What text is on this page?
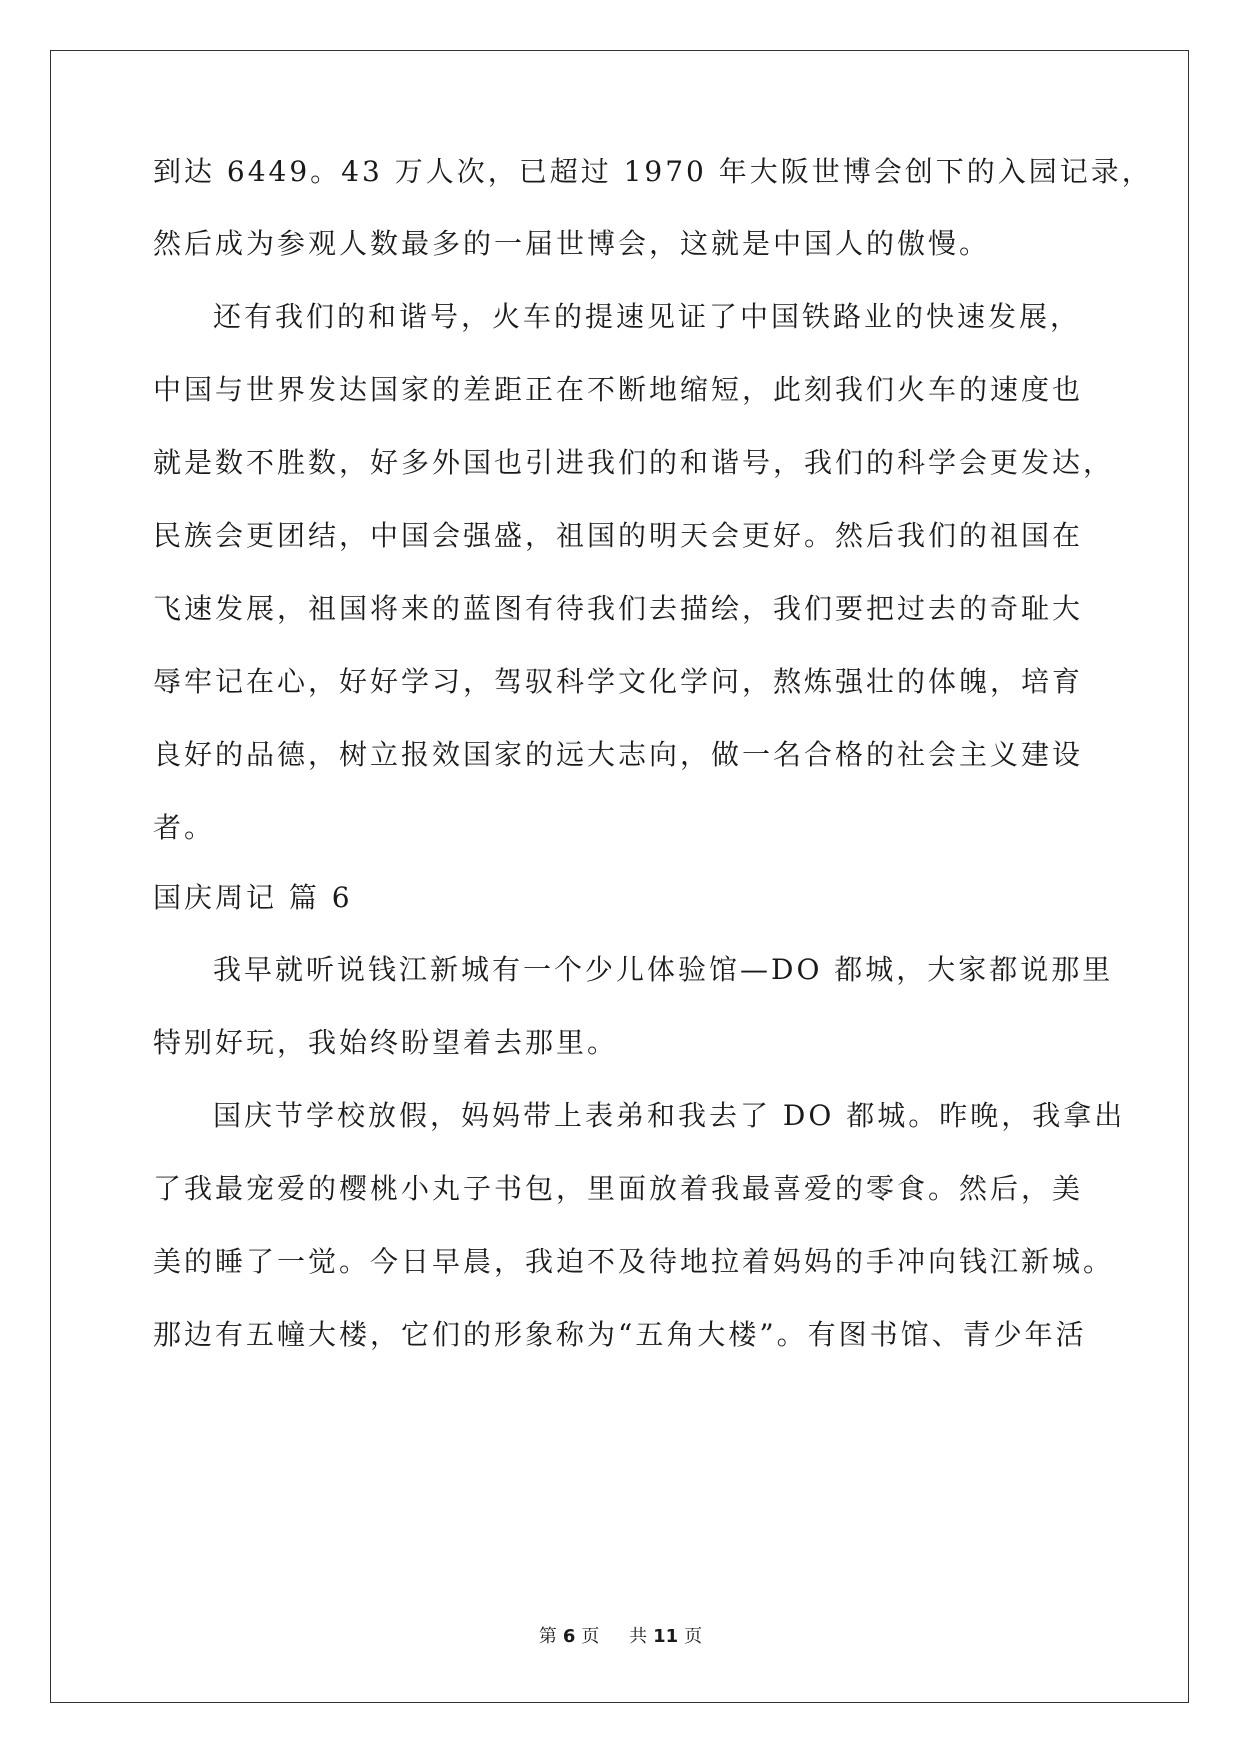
到达 6449。43 万人次，已超过 1970 年大阪世博会创下的入园记录，
然后成为参观人数最多的一届世博会，这就是中国人的傲慢。
还有我们的和谐号，火车的提速见证了中国铁路业的快速发展，
中国与世界发达国家的差距正在不断地缩短，此刻我们火车的速度也
就是数不胜数，好多外国也引进我们的和谐号，我们的科学会更发达，
民族会更团结，中国会强盛，祖国的明天会更好。然后我们的祖国在
飞速发展，祖国将来的蓝图有待我们去描绘，我们要把过去的奇耻大
辱牢记在心，好好学习，驾驭科学文化学问，熬炼强壮的体魄，培育
良好的品德，树立报效国家的远大志向，做一名合格的社会主义建设
者。
国庆周记 篇 6
我早就听说钱江新城有一个少儿体验馆—DO 都城，大家都说那里
特别好玩，我始终盼望着去那里。
国庆节学校放假，妈妈带上表弟和我去了 DO 都城。昨晚，我拿出
了我最宠爱的樱桃小丸子书包，里面放着我最喜爱的零食。然后，美
美的睡了一觉。今日早晨，我迫不及待地拉着妈妈的手冲向钱江新城。
那边有五幢大楼，它们的形象称为“五角大楼”。有图书馆、青少年活
第 6 页 共 11 页
